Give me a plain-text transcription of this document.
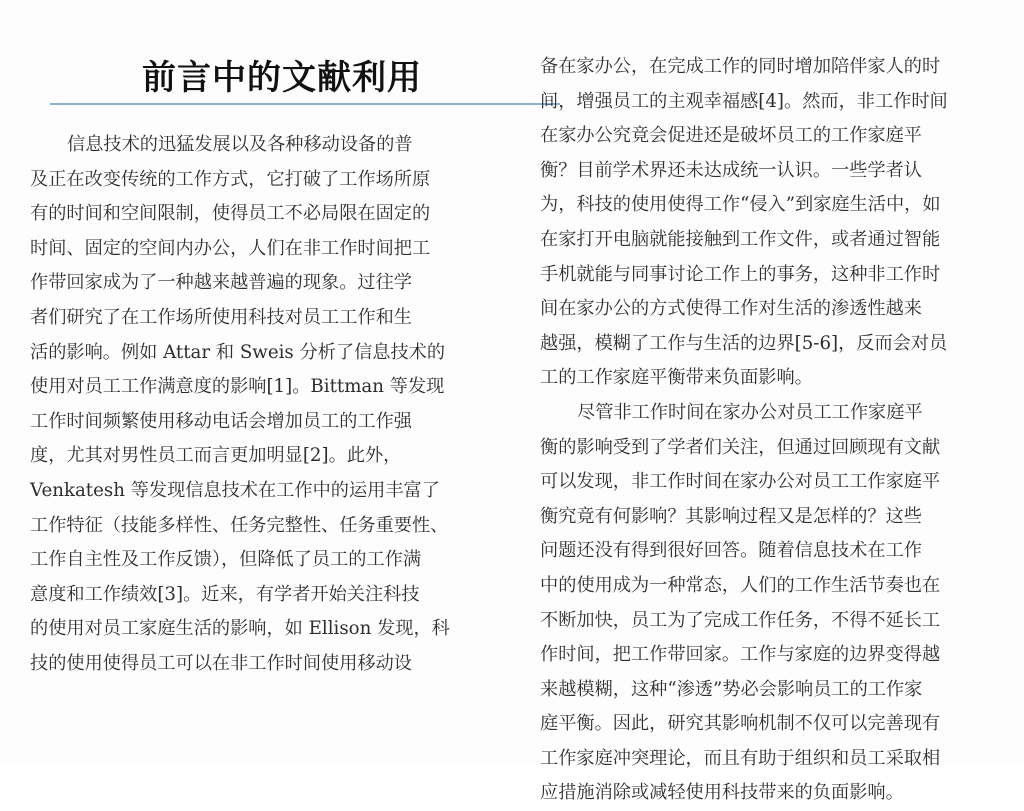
前言中的文献利用
信息技术的迅猛发展以及各种移动设备的普
及正在改变传统的工作方式，它打破了工作场所原
有的时间和空间限制，使得员工不必局限在固定的
时间、固定的空间内办公，人们在非工作时间把工
作带回家成为了一种越来越普遍的现象。过往学
者们研究了在工作场所使用科技对员工工作和生
活的影响。例如 Attar 和 Sweis 分析了信息技术的
使用对员工工作满意度的影响[1]。Bittman 等发现
工作时间频繁使用移动电话会增加员工的工作强
度，尤其对男性员工而言更加明显[2]。此外，
Venkatesh 等发现信息技术在工作中的运用丰富了
工作特征（技能多样性、任务完整性、任务重要性、
工作自主性及工作反馈），但降低了员工的工作满
意度和工作绩效[3]。近来，有学者开始关注科技
的使用对员工家庭生活的影响，如 Ellison 发现，科
技的使用使得员工可以在非工作时间使用移动设
备在家办公，在完成工作的同时增加陪伴家人的时
间，增强员工的主观幸福感[4]。然而，非工作时间
在家办公究竟会促进还是破坏员工的工作家庭平
衡？目前学术界还未达成统一认识。一些学者认
为，科技的使用使得工作“侵入”到家庭生活中，如
在家打开电脑就能接触到工作文件，或者通过智能
手机就能与同事讨论工作上的事务，这种非工作时
间在家办公的方式使得工作对生活的渗透性越来
越强，模糊了工作与生活的边界[5-6]，反而会对员
工的工作家庭平衡带来负面影响。
尽管非工作时间在家办公对员工工作家庭平
衡的影响受到了学者们关注，但通过回顾现有文献
可以发现，非工作时间在家办公对员工工作家庭平
衡究竟有何影响？其影响过程又是怎样的？这些
问题还没有得到很好回答。随着信息技术在工作
中的使用成为一种常态，人们的工作生活节奏也在
不断加快，员工为了完成工作任务，不得不延长工
作时间，把工作带回家。工作与家庭的边界变得越
来越模糊，这种“渗透”势必会影响员工的工作家
庭平衡。因此，研究其影响机制不仅可以完善现有
工作家庭冲突理论，而且有助于组织和员工采取相
应措施消除或减轻使用科技带来的负面影响。
